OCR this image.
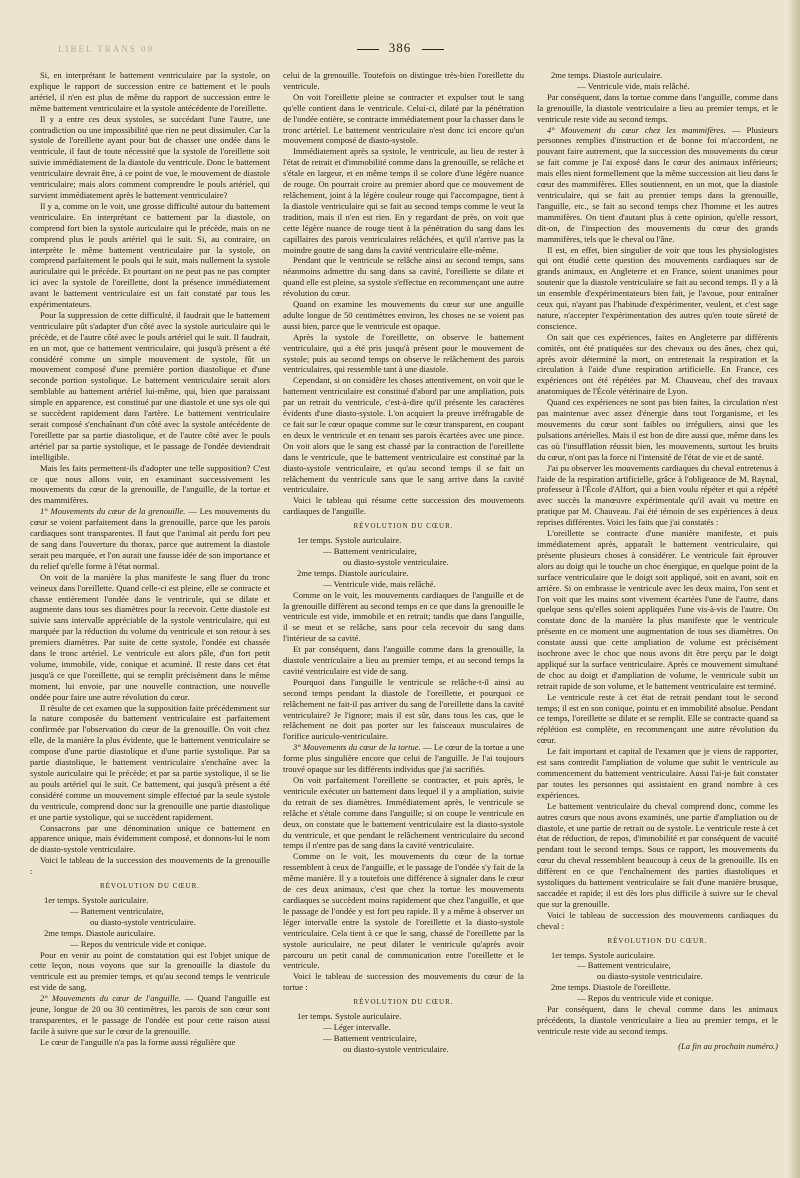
LIBEL TRANS 09	386

Si, en interprétant le battement ventriculaire par la systole, on explique le rapport de succession entre ce battement et le pouls artériel, il n'en est plus de même du rapport de succession entre le même battement ventriculaire et la systole antécédente de l'oreillette.

Il y a entre ces deux systoles, se succédant l'une l'autre, une contradiction ou une impossibilité que rien ne peut dissimuler. Car la systole de l'oreillette ayant pour but de chasser une ondée dans le ventricule, il faut de toute nécessité que la systole de l'oreillette soit suivie immédiatement de la diastole du ventricule. Donc le battement ventriculaire devrait être, à ce point de vue, le mouvement de diastole ventriculaire; mais alors comment comprendre le pouls artériel, qui survient immédiatement après le battement ventriculaire?

Il y a, comme on le voit, une grosse difficulté autour du battement ventriculaire. En interprétant ce battement par la diastole, on comprend fort bien la systole auriculaire qui le précède, mais on ne comprend plus le pouls artériel qui le suit. Si, au contraire, on interprète le même battement ventriculaire par la systole, on comprend parfaitement le pouls qui le suit, mais nullement la systole auriculaire qui le précède. Et pourtant on ne peut pas ne pas compter ici avec la systole de l'oreillette, dont la présence immédiatement avant le battement ventriculaire est un fait constaté par tous les expérimentateurs.

Pour la suppression de cette difficulté, il faudrait que le battement ventriculaire pût s'adapter d'un côté avec la systole auriculaire qui le précède, et de l'autre côté avec le pouls artériel qui le suit. Il faudrait, en un mot, que ce battement ventriculaire, qui jusqu'à présent a été considéré comme un simple mouvement de systole, fût un mouvement composé d'une première portion diastolique et d'une seconde portion systolique. Le battement ventriculaire serait alors semblable au battement artériel lui-même, qui, bien que paraissant simple en apparence, est constitué par une diastole et une sys ole qui se succèdent rapidement dans l'artère. Le battement ventriculaire serait composé s'enchaînant d'un côté avec la systole antécédente de l'oreillette par sa partie diastolique, et de l'autre côté avec le pouls artériel par sa partie systolique, et le passage de l'ondée deviendrait intelligible.

Mais les faits permettent-ils d'adopter une telle supposition? C'est ce que nous allons voir, en examinant successivement les mouvements du cœur de la grenouille, de l'anguille, de la tortue et des mammifères.

1° Mouvements du cœur de la grenouille. — Les mouvements du cœur se voient parfaitement dans la grenouille, parce que les parois cardiaques sont transparentes. Il faut que l'animal ait perdu fort peu de sang dans l'ouverture du thorax, parce que autrement la diastole serait peu marquée, et l'on aurait une fausse idée de son importance et du relief qu'elle forme à l'état normal.

On voit de la manière la plus manifeste le sang fluer du tronc veineux dans l'oreillette. Quand celle-ci est pleine, elle se contracte et chasse entièrement l'ondée dans le ventricule, qui se dilate et augmente dans tous ses diamètres pour la recevoir. Cette diastole est suivie sans intervalle appréciable de la systole ventriculaire, qui est marquée par la réduction du volume du ventricule et son retour à ses premiers diamètres. Par suite de cette systole, l'ondée est chassée dans le tronc artériel. Le ventricule est alors pâle, d'un fort petit volume, immobile, vide, conique et acuminé. Il reste dans cet état jusqu'à ce que l'oreillette, qui se remplit précisément dans le même moment, lui envoie, par une nouvelle contraction, une nouvelle ondée pour faire une autre révolution du cœur.

Il résulte de cet examen que la supposition faite précédemment sur la nature composée du battement ventriculaire est parfaitement confirmée par l'observation du cœur de la grenouille. On voit chez elle, de la manière la plus évidente, que le battement ventriculaire se compose d'une partie diastolique et d'une partie systolique. Par sa partie diastolique, le battement ventriculaire s'enchaîne avec la systole auriculaire qui le précède; et par sa partie systolique, il se lie au pouls artériel qui le suit. Ce battement, qui jusqu'à présent a été considéré comme un mouvement simple effectué par la seule systole du ventricule, comprend donc sur la grenouille une partie diastolique et une partie systolique, qui se succèdent rapidement.

Consacrons par une dénomination unique ce battement en apparence unique, mais évidemment composé, et donnons-lui le nom de diasto-systole ventriculaire.

Voici le tableau de la succession des mouvements de la grenouille :

RÉVOLUTION DU CŒUR.

1er temps. Systole auriculaire.

— Battement ventriculaire,

ou diasto-systole ventriculaire.

2me temps. Diastole auriculaire.

— Repos du ventricule vide et conique.

Pour en venir au point de constatation qui est l'objet unique de cette leçon, nous voyons que sur la grenouille la diastole du ventricule est au premier temps, et qu'au second temps le ventricule est vide de sang.

2° Mouvements du cœur de l'anguille. — Quand l'anguille est jeune, longue de 20 ou 30 centimètres, les parois de son cœur sont transparentes, et le passage de l'ondée est pour cette raison aussi facile à suivre que sur le cœur de la grenouille.

Le cœur de l'anguille n'a pas la forme aussi régulière que

celui de la grenouille. Toutefois on distingue très-bien l'oreillette du ventricule.

On voit l'oreillette pleine se contracter et expulser tout le sang qu'elle contient dans le ventricule. Celui-ci, dilaté par la pénétration de l'ondée entière, se contracte immédiatement pour la chasser dans le tronc artériel. Le battement ventriculaire n'est donc ici encore qu'un mouvement composé de diasto-systole.

Immédiatement après sa systole, le ventricule, au lieu de rester à l'état de retrait et d'immobilité comme dans la grenouille, se relâche et s'étale en largeur, et en même temps il se colore d'une légère nuance de rouge. On pourrait croire au premier abord que ce mouvement de relâchement, joint à la légère couleur rouge qui l'accompagne, tient à la diastole ventriculaire qui se fait au second temps comme le veut la tradition, mais il n'en est rien. En y regardant de près, on voit que cette légère nuance de rouge tient à la pénétration du sang dans les capillaires des parois ventriculaires relâchées, et qu'il n'arrive pas la moindre goutte de sang dans la cavité ventriculaire elle-même.

Pendant que le ventricule se relâche ainsi au second temps, sans néanmoins admettre du sang dans sa cavité, l'oreillette se dilate et quand elle est pleine, sa systole s'effectue en recommençant une autre révolution du cœur.

Quand on examine les mouvements du cœur sur une anguille adulte longue de 50 centimètres environ, les choses ne se voient pas aussi bien, parce que le ventricule est opaque.

Après la systole de l'oreillette, on observe le battement ventriculaire, qui a été pris jusqu'à présent pour le mouvement de systole; puis au second temps on observe le relâchement des parois ventriculaires, qui ressemble tant à une diastole.

Cependant, si on considère les choses attentivement, on voit que le battement ventriculaire est constitué d'abord par une ampliation, puis par un retrait du ventricule, c'est-à-dire qu'il présente les caractères évidents d'une diasto-systole. L'on acquiert la preuve irréfragable de ce fait sur le cœur opaque comme sur le cœur transparent, en coupant en deux le ventricule et en tenant ses parois écartées avec une pince. On voit alors que le sang est chassé par la contraction de l'oreillette dans le ventricule, que le battement ventriculaire est constitué par la diasto-systole ventriculaire, et qu'au second temps il se fait un relâchement du ventricule sans que le sang arrive dans la cavité ventriculaire.

Voici le tableau qui résume cette succession des mouvements cardiaques de l'anguille.

RÉVOLUTION DU CŒUR.

1er temps. Systole auriculaire.

— Battement ventriculaire,

ou diasto-systole ventriculaire.

2me temps. Diastole auriculaire.

— Ventricule vide, mais relâché.

Comme on le voit, les mouvements cardiaques de l'anguille et de la grenouille diffèrent au second temps en ce que dans la grenouille le ventricule est vide, immobile et en retrait; tandis que dans l'anguille, il se meut et se relâche, sans pour cela recevoir du sang dans l'intérieur de sa cavité.

Et par conséquent, dans l'anguille comme dans la grenouille, la diastole ventriculaire a lieu au premier temps, et au second temps la cavité ventriculaire est vide de sang.

Pourquoi dans l'anguille le ventricule se relâche-t-il ainsi au second temps pendant la diastole de l'oreillette, et pourquoi ce relâchement ne fait-il pas arriver du sang de l'oreillette dans la cavité ventriculaire? Je l'ignore; mais il est sûr, dans tous les cas, que le relâchement ne doit pas porter sur les faisceaux musculaires de l'orifice auriculo-ventriculaire.

3° Mouvements du cœur de la tortue. — Le cœur de la tortue a une forme plus singulière encore que celui de l'anguille. Je l'ai toujours trouvé opaque sur les différents individus que j'ai sacrifiés.

On voit parfaitement l'oreillette se contracter, et puis après, le ventricule exécuter un battement dans lequel il y a ampliation, suivie du retrait de ses diamètres. Immédiatement après, le ventricule se relâche et s'étale comme dans l'anguille; si on coupe le ventricule en deux, on constate que le battement ventriculaire est la diasto-systole du ventricule, et que pendant le relâchement ventriculaire du second temps il n'entre pas de sang dans la cavité ventriculaire.

Comme on le voit, les mouvements du cœur de la tortue ressemblent à ceux de l'anguille, et le passage de l'ondée s'y fait de la même manière. Il y a toutefois une différence à signaler dans le cœur de ces deux animaux, c'est que chez la tortue les mouvements cardiaques se succèdent moins rapidement que chez l'anguille, et que le passage de l'ondée y est fort peu rapide. Il y a même à observer un léger intervalle entre la systole de l'oreillette et la diasto-systole ventriculaire. Cela tient à ce que le sang, chassé de l'oreillette par la systole auriculaire, ne peut dilater le ventricule qu'après avoir parcouru un petit canal de communication entre l'oreillette et le ventricule.

Voici le tableau de succession des mouvements du cœur de la tortue :

RÉVOLUTION DU CŒUR.

1er temps. Systole auriculaire.

— Léger intervalle.

— Battement ventriculaire,

ou diasto-systole ventriculaire.

2me temps. Diastole auriculaire.

— Ventricule vide, mais relâché.

Par conséquent, dans la tortue comme dans l'anguille, comme dans la grenouille, la diastole ventriculaire a lieu au premier temps, et le ventricule reste vide au second temps.

4° Mouvement du cœur chez les mammifères. — Plusieurs personnes remplies d'instruction et de bonne foi m'accordent, ne pouvant faire autrement, que la succession des mouvements du cœur se fait comme je l'ai exposé dans le cœur des animaux inférieurs; mais elles nient formellement que la même succession ait lieu dans le cœur des mammifères. Elles soutiennent, en un mot, que la diastole ventriculaire, qui se fait au premier temps dans la grenouille, l'anguille, etc., se fait au second temps chez l'homme et les autres mammifères. On tient d'autant plus à cette opinion, qu'elle ressort, dit-on, de l'inspection des mouvements du cœur des grands mammifères, tels que le cheval ou l'âne.

Il est, en effet, bien singulier de voir que tous les physiologistes qui ont étudié cette question des mouvements cardiaques sur de grands animaux, en Angleterre et en France, soient unanimes pour soutenir que la diastole ventriculaire se fait au second temps. Il y a là un ensemble d'expérimentateurs bien fait, je l'avoue, pour entraîner ceux qui, n'ayant pas l'habitude d'expérimenter, veulent, et c'est sage nature, n'accepter l'expérimentation des autres qu'en toute sûreté de conscience.

On sait que ces expériences, faites en Angleterre par différents comités, ont été pratiquées sur des chevaux ou des ânes, chez qui, après avoir déterminé la mort, on entretenait la respiration et la circulation à l'aide d'une respiration artificielle. En France, ces expériences ont été répétées par M. Chauveau, chef des travaux anatomiques de l'École vétérinaire de Lyon.

Quand ces expériences ne sont pas bien faites, la circulation n'est pas maintenue avec assez d'énergie dans tout l'organisme, et les mouvements du cœur sont faibles ou irréguliers, ainsi que les pulsations artérielles. Mais il est bon de dire aussi que, même dans les cas où l'insufflation réussit bien, les mouvements, surtout les bruits du cœur, n'ont pas la force ni l'intensité de l'état de vie et de santé.

J'ai pu observer les mouvements cardiaques du cheval entretenus à l'aide de la respiration artificielle, grâce à l'obligeance de M. Raynal, professeur à l'École d'Alfort, qui a bien voulu répéter et qui a répété avec succès la manœuvre expérimentale qu'il avait vu mettre en pratique par M. Chauveau. J'ai été témoin de ses expériences à deux reprises différentes. Voici les faits que j'ai constatés :

L'oreillette se contracte d'une manière manifeste, et puis immédiatement après, apparaît le battement ventriculaire, qui présente plusieurs choses à considérer. Le ventricule fait éprouver alors au doigt qui le touche un choc énergique, en quelque point de la surface ventriculaire que le doigt soit appliqué, soit en avant, soit en arrière. Si on embrasse le ventricule avec les deux mains, l'on sent et l'on voit que les mains sont vivement écartées l'une de l'autre, dans quelque sens qu'elles soient appliquées l'une vis-à-vis de l'autre. On constate donc de la manière la plus manifeste que le ventricule présente en ce moment une augmentation de tous ses diamètres. On constate aussi que cette ampliation de volume est précisément isochrone avec le choc que nous avons dit être perçu par le doigt appliqué sur la surface ventriculaire. Après ce mouvement simultané de choc au doigt et d'ampliation de volume, le ventricule subit un retrait rapide de son volume, et le battement ventriculaire est terminé.

Le ventricule reste à cet état de retrait pendant tout le second temps; il est en son conique, pointu et en immobilité absolue. Pendant ce temps, l'oreillette se dilate et se remplit. Elle se contracte quand sa réplétion est complète, en recommençant une autre révolution du cœur.

Le fait important et capital de l'examen que je viens de rapporter, est sans contredit l'ampliation de volume que subit le ventricule au commencement du battement ventriculaire. Aussi l'ai-je fait constater par toutes les personnes qui assistaient en grand nombre à ces expériences.

Le battement ventriculaire du cheval comprend donc, comme les autres cœurs que nous avons examinés, une partie d'ampliation ou de diastole, et une partie de retrait ou de systole. Le ventricule reste à cet état de réduction, de repos, d'immobilité et par conséquent de vacuité pendant tout le second temps. Sous ce rapport, les mouvements du cœur du cheval ressemblent beaucoup à ceux de la grenouille. Ils en diffèrent en ce que l'enchaînement des parties diastoliques et systoliques du battement ventriculaire se fait d'une manière brusque, saccadée et rapide; il est dès lors plus difficile à suivre sur le cheval que sur la grenouille.

Voici le tableau de succession des mouvements cardiaques du cheval :

RÉVOLUTION DU CŒUR.

1er temps. Systole auriculaire.

— Battement ventriculaire,

ou diasto-systole ventriculaire.

2me temps. Diastole de l'oreillette.

— Repos du ventricule vide et conique.

Par conséquent, dans le cheval comme dans les animaux précédents, la diastole ventriculaire a lieu au premier temps, et le ventricule reste vide au second temps.

(La fin au prochain numéro.)
